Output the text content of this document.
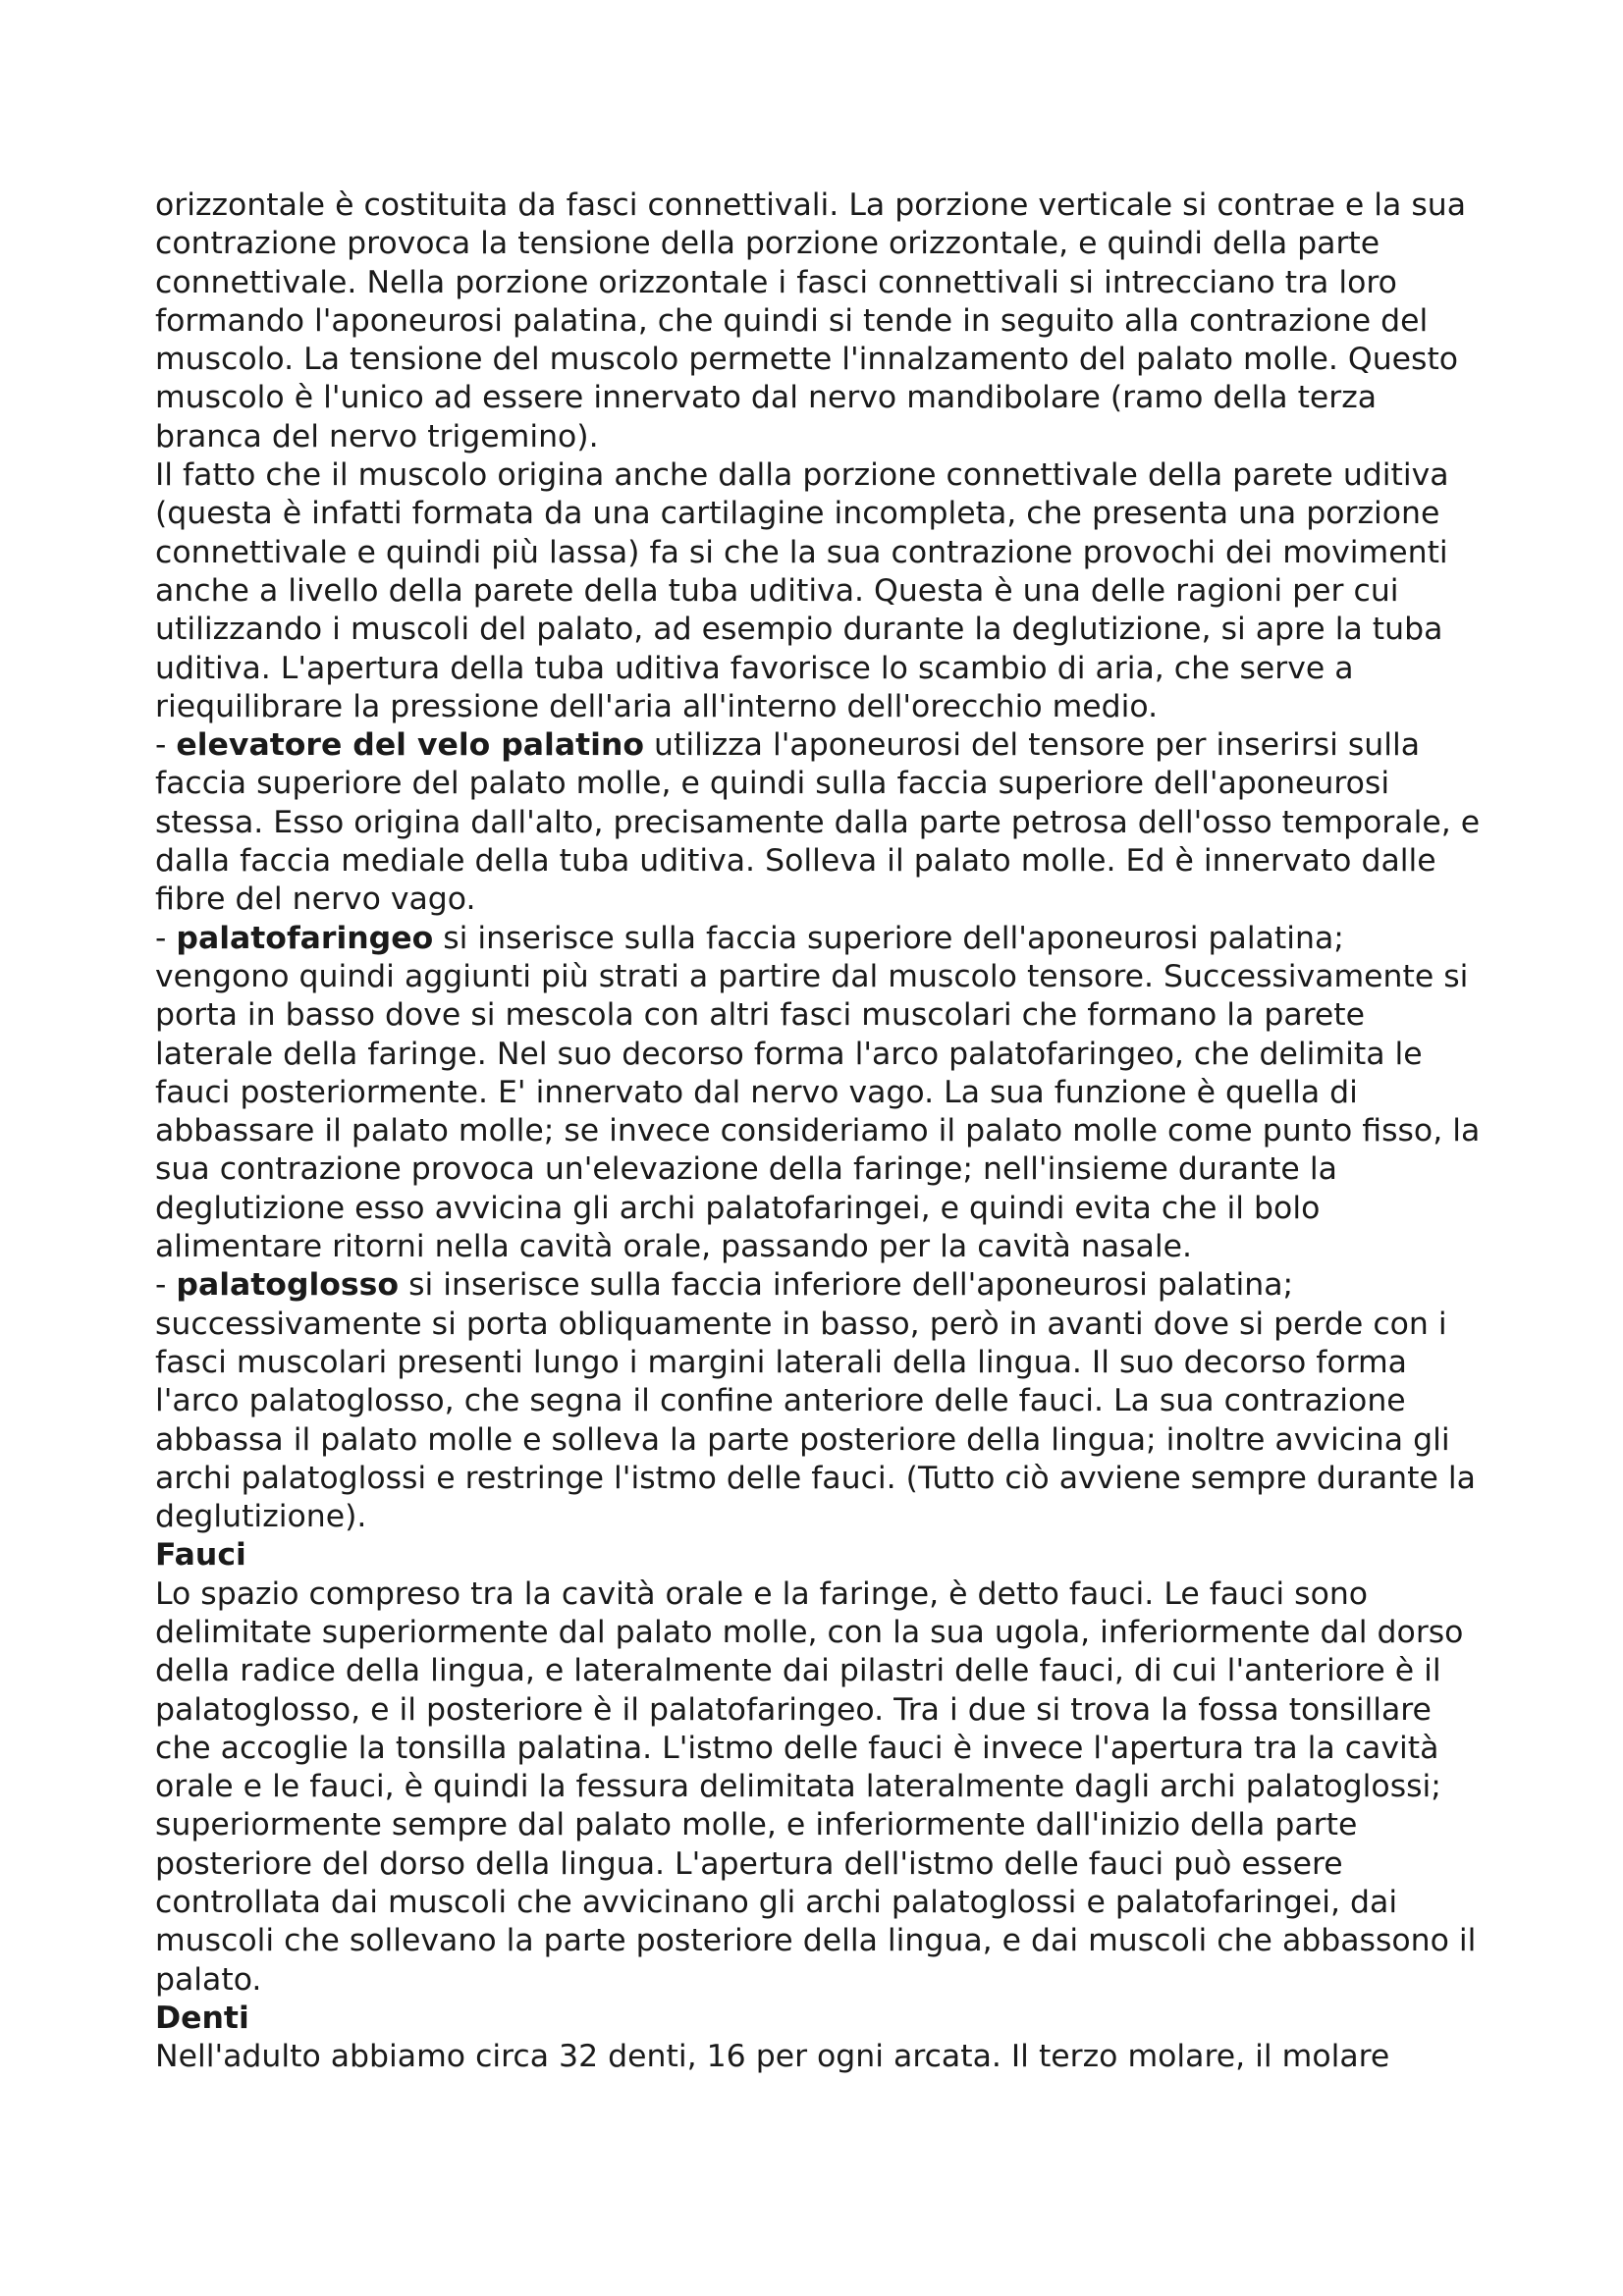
orizzontale è costituita da fasci connettivali. La porzione verticale si contrae e la sua contrazione provoca la tensione della porzione orizzontale, e quindi della parte connettivale. Nella porzione orizzontale i fasci connettivali si intrecciano tra loro formando l'aponeurosi palatina, che quindi si tende in seguito alla contrazione del muscolo. La tensione del muscolo permette l'innalzamento del palato molle. Questo muscolo è l'unico ad essere innervato dal nervo mandibolare (ramo della terza branca del nervo trigemino).

Il fatto che il muscolo origina anche dalla porzione connettivale della parete uditiva (questa è infatti formata da una cartilagine incompleta, che presenta una porzione connettivale e quindi più lassa) fa si che la sua contrazione provochi dei movimenti anche a livello della parete della tuba uditiva. Questa è una delle ragioni per cui utilizzando i muscoli del palato, ad esempio durante la deglutizione, si apre la tuba uditiva. L'apertura della tuba uditiva favorisce lo scambio di aria, che serve a riequilibrare la pressione dell'aria all'interno dell'orecchio medio.

- elevatore del velo palatino utilizza l'aponeurosi del tensore per inserirsi sulla faccia superiore del palato molle, e quindi sulla faccia superiore dell'aponeurosi stessa. Esso origina dall'alto, precisamente dalla parte petrosa dell'osso temporale, e dalla faccia mediale della tuba uditiva. Solleva il palato molle. Ed è innervato dalle fibre del nervo vago.

- palatofaringeo si inserisce sulla faccia superiore dell'aponeurosi palatina; vengono quindi aggiunti più strati a partire dal muscolo tensore. Successivamente si porta in basso dove si mescola con altri fasci muscolari che formano la parete laterale della faringe. Nel suo decorso forma l'arco palatofaringeo, che delimita le fauci posteriormente. E' innervato dal nervo vago. La sua funzione è quella di abbassare il palato molle; se invece consideriamo il palato molle come punto fisso, la sua contrazione provoca un'elevazione della faringe; nell'insieme durante la deglutizione esso avvicina gli archi palatofaringei, e quindi evita che il bolo alimentare ritorni nella cavità orale, passando per la cavità nasale.

- palatoglosso si inserisce sulla faccia inferiore dell'aponeurosi palatina; successivamente si porta obliquamente in basso, però in avanti dove si perde con i fasci muscolari presenti lungo i margini laterali della lingua. Il suo decorso forma l'arco palatoglosso, che segna il confine anteriore delle fauci. La sua contrazione abbassa il palato molle e solleva la parte posteriore della lingua; inoltre avvicina gli archi palatoglossi e restringe l'istmo delle fauci. (Tutto ciò avviene sempre durante la deglutizione).

Fauci

Lo spazio compreso tra la cavità orale e la faringe, è detto fauci. Le fauci sono delimitate superiormente dal palato molle, con la sua ugola, inferiormente dal dorso della radice della lingua, e lateralmente dai pilastri delle fauci, di cui l'anteriore è il palatoglosso, e il posteriore è il palatofaringeo. Tra i due si trova la fossa tonsillare che accoglie la tonsilla palatina. L'istmo delle fauci è invece l'apertura tra la cavità orale e le fauci, è quindi la fessura delimitata lateralmente dagli archi palatoglossi; superiormente sempre dal palato molle, e inferiormente dall'inizio della parte posteriore del dorso della lingua. L'apertura dell'istmo delle fauci può essere controllata dai muscoli che avvicinano gli archi palatoglossi e palatofaringei, dai muscoli che sollevano la parte posteriore della lingua, e dai muscoli che abbassono il palato.

Denti

Nell'adulto abbiamo circa 32 denti, 16 per ogni arcata. Il terzo molare, il molare
